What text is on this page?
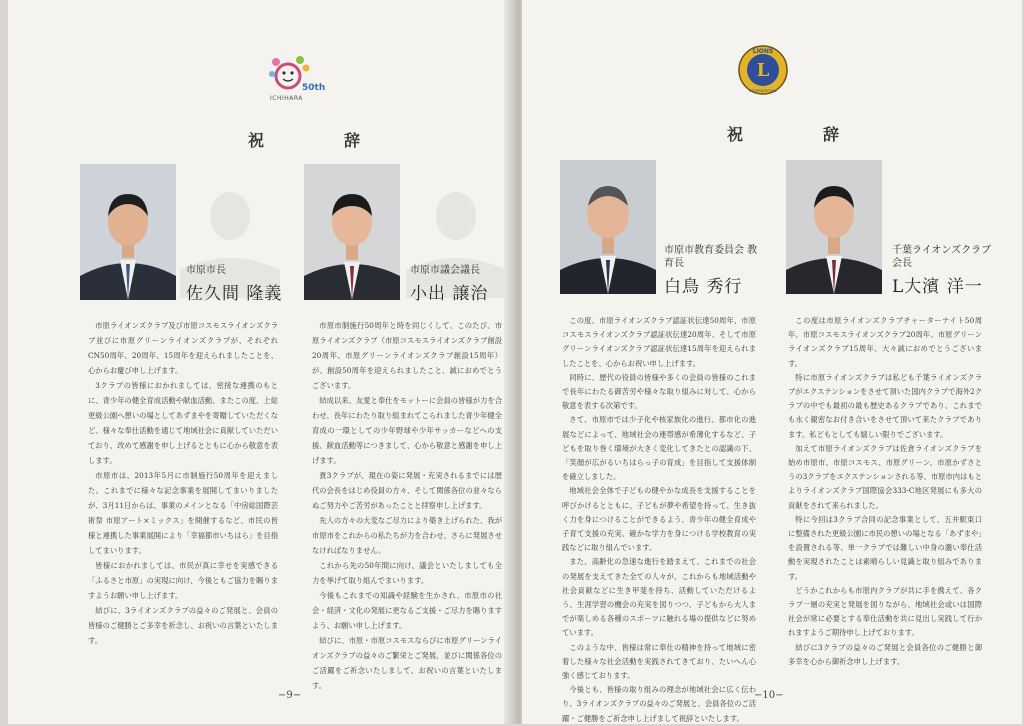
50th
ICHIHARA
祝　辞
市原市長
佐久間 隆義
市原市議会議長
小出 譲治

市原ライオンズクラブ及び市原コスモスライオンズクラブ並びに市原グリーンライオンズクラブが、それぞれCN50周年、20周年、15周年を迎えられましたことを、心からお慶び申し上げます。

3クラブの皆様におかれましては、密接な連携のもとに、青少年の健全育成活動や献血活動、またこの度、上総更級公園へ憩いの場としてあずまやを寄贈していただくなど、様々な奉仕活動を通じて地域社会に貢献していただいており、改めて感謝を申し上げるとともに心から敬意を表します。

市原市は、2013年5月に市制施行50周年を迎えました。これまでに様々な記念事業を展開してまいりましたが、3月11日からは、事業のメインとなる「中房総国際芸術祭 市原アート×ミックス」を開催するなど、市民の皆様と連携した事業展開により「幸福都市いちはら」を目指してまいります。

皆様におかれましては、市民が真に幸せを実感できる「ふるさと市原」の実現に向け、今後ともご協力を賜りますようお願い申し上げます。

結びに、3ライオンズクラブの益々のご発展と、会員の皆様のご健勝とご多幸を祈念し、お祝いの言葉といたします。

市原市制施行50周年と時を同じくして、このたび、市原ライオンズクラブ（市原コスモスライオンズクラブ創設20周年、市原グリーンライオンズクラブ創設15周年）が、創設50周年を迎えられましたこと、誠におめでとうございます。

結成以来、友愛と奉仕をモットーに会員の皆様が力を合わせ、長年にわたり取り組まれてこられました青少年健全育成の一環としての少年野球や少年サッカーなどへの支援、献血活動等につきまして、心から敬意と感謝を申し上げます。

貴3クラブが、現在の姿に発展・充実されるまでには歴代の会長をはじめ役員の方々、そして関係各位の並々ならぬご努力やご苦労があったことと拝察申し上げます。

先人の方々の大変なご尽力により築き上げられた、我が市原市をこれからの私たちが力を合わせ、さらに発展させなければなりません。

これから先の50年間に向け、議会といたしましても全力を挙げて取り組んでまいります。

今後もこれまでの知識や経験を生かされ、市原市の社会・経済・文化の発展に更なるご支援・ご尽力を賜りますよう、お願い申し上げます。

結びに、市原・市原コスモスならびに市原グリーンライオンズクラブの益々のご繁栄とご発展、並びに関係各位のご活躍をご祈念いたしまして、お祝いの言葉といたします。

−9−
L
LIONS
INTERNATIONAL
祝　辞
市原市教育委員会 教育長
白鳥 秀行
千葉ライオンズクラブ 会長
L大濱 洋一

この度、市原ライオンズクラブ認証状伝達50周年、市原コスモスライオンズクラブ認証状伝達20周年、そして市原グリーンライオンズクラブ認証状伝達15周年を迎えられましたことを、心からお祝い申し上げます。

同時に、歴代の役員の皆様や多くの会員の皆様のこれまで長年にわたる御苦労や様々な取り組みに対して、心から敬意を表する次第です。

さて、市原市では少子化や核家族化の進行、都市化の進展などによって、地域社会の連帯感が希薄化するなど、子どもを取り巻く環境が大きく変化してきたとの認識の下、「笑顔が広がるいちはらっ子の育成」を目指して支援体制を確立しました。

地域社会全体で子どもの健やかな成長を支援することを呼びかけるとともに、子どもが夢や希望を持って、生き抜く力を身につけることができるよう、青少年の健全育成や子育て支援の充実、確かな学力を身につける学校教育の実践などに取り組んでいます。

また、高齢化の急速な進行を踏まえて、これまでの社会の発展を支えてきた全ての人々が、これからも地域活動や社会貢献などに生き甲斐を持ち、活動していただけるよう、生涯学習の機会の充実を図りつつ、子どもから大人までが楽しめる各種のスポーツに触れる場の提供などに努めています。

このような中、皆様は常に奉仕の精神を持って地域に密着した様々な社会活動を実践されてきており、たいへん心強く感じております。

今後とも、皆様の取り組みの理念が地域社会に広く伝わり、3ライオンズクラブの益々のご発展と、会員各位のご活躍・ご健勝をご祈念申し上げまして祝辞といたします。

この度は市原ライオンズクラブチャーターナイト50周年、市原コスモスライオンズクラブ20周年、市原グリーンライオンズクラブ15周年、大々誠におめでとうございます。

特に市原ライオンズクラブは私ども千葉ライオンズクラブがエクステンションをさせて頂いた国内クラブで海外2クラブの中でも最初の最も歴史あるクラブであり、これまでも永く親密なお付き合いをさせて頂いて来たクラブであります。私どもとしても嬉しい限りでございます。

加えて市原ライオンズクラブは佐倉ライオンズクラブを始め市原市、市原コスモス、市原グリーン、市原かずさとうの3クラブをエクステンションされる等、市原市内はもとよりライオンズクラブ国際協会333-C地区発展にも多大の貢献をされて来られました。

特に今回は3クラブ合同の記念事業として、五井駅東口に整備された更級公園に市民の憩いの場となる「あずまや」を設置される等、単一クラブでは難しい中身の濃い奉仕活動を実現されたことは素晴らしい見識と取り組みであります。

どうかこれからも市原内クラブが共に手を携えて、各クラブ一層の充実と発展を図りながら、地域社会或いは国際社会が常に必要とする奉仕活動を共に見出し実践して行かれますようご期待申し上げております。

結びに3クラブの益々のご発展と会員各位のご健勝と御多幸を心から御祈念申し上げます。

−10−
